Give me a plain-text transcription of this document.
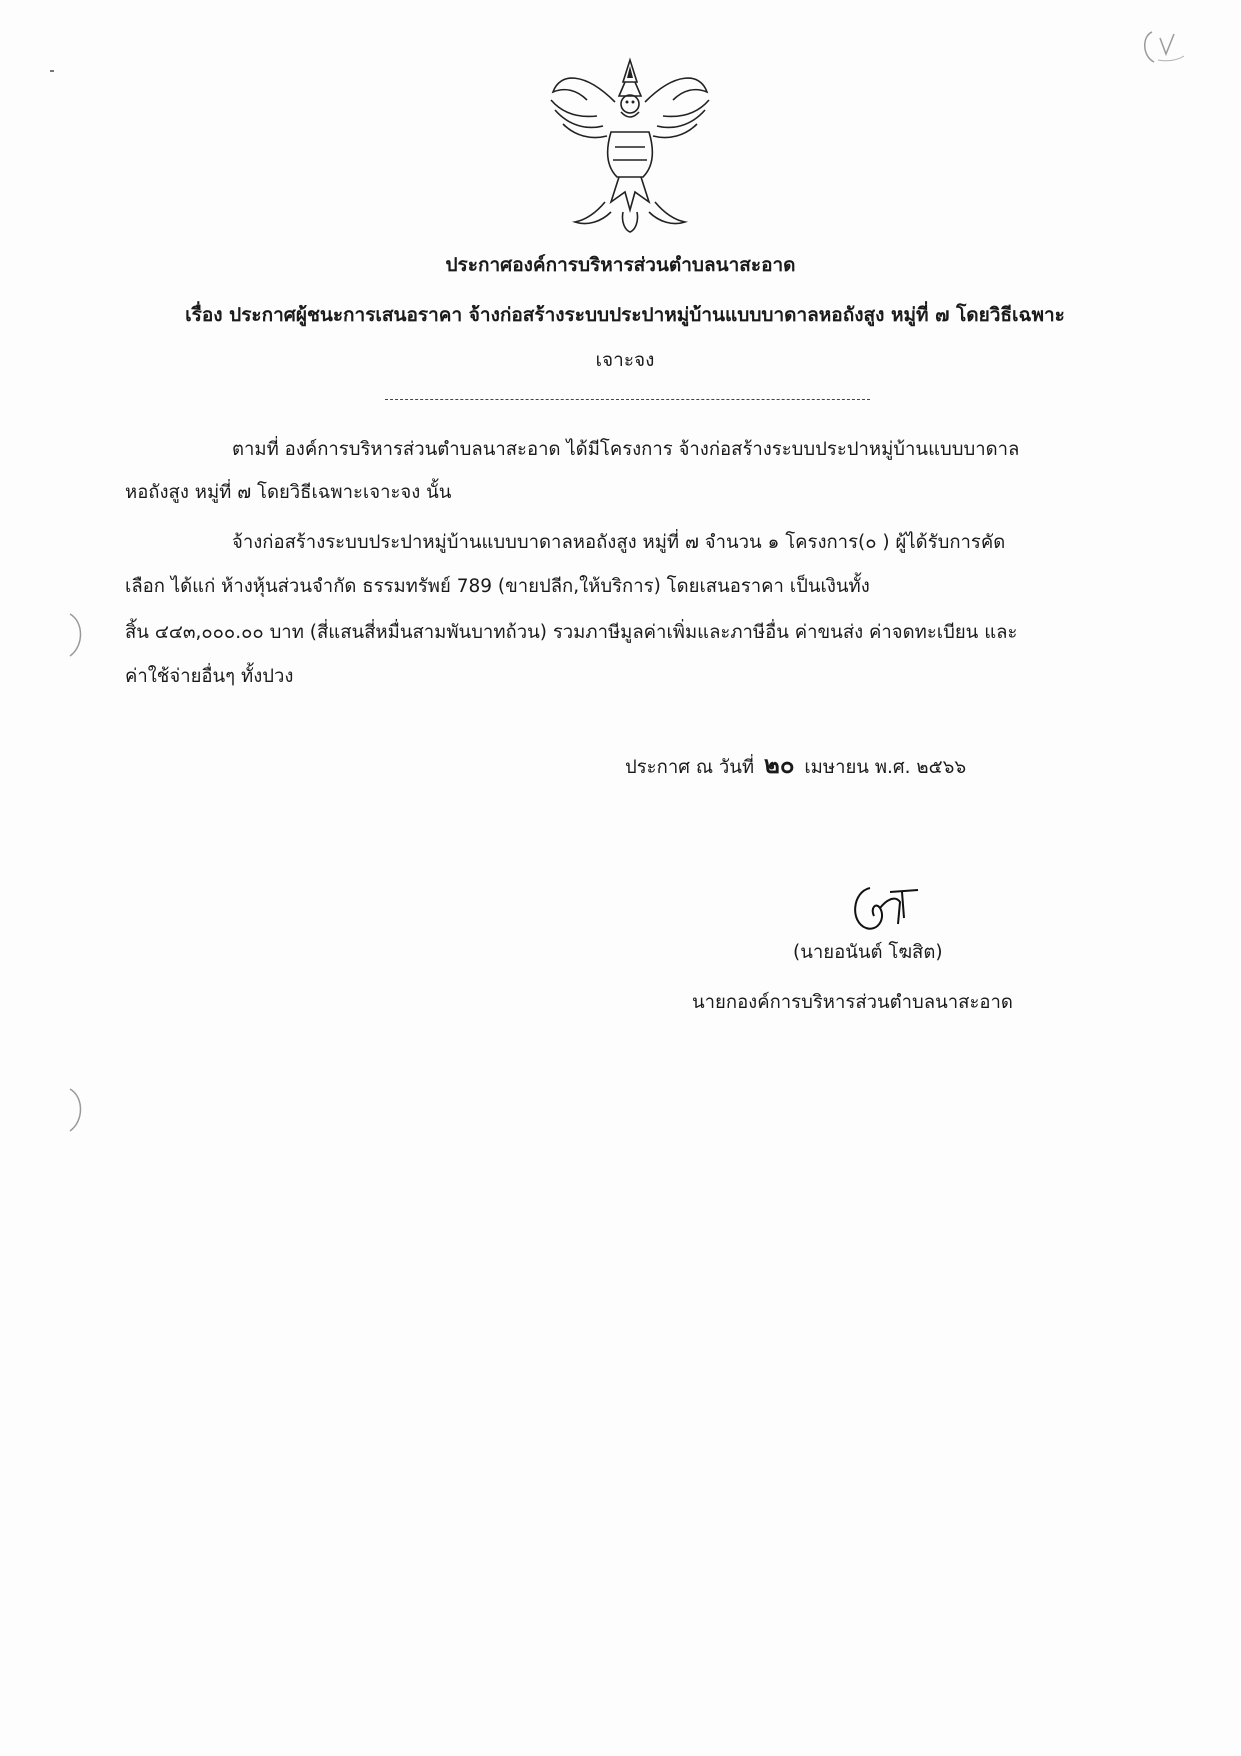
ประกาศองค์การบริหารส่วนตำบลนาสะอาด
เรื่อง ประกาศผู้ชนะการเสนอราคา จ้างก่อสร้างระบบประปาหมู่บ้านแบบบาดาลหอถังสูง หมู่ที่ ๗ โดยวิธีเฉพาะ
เจาะจง
ตามที่ องค์การบริหารส่วนตำบลนาสะอาด ได้มีโครงการ จ้างก่อสร้างระบบประปาหมู่บ้านแบบบาดาล
หอถังสูง หมู่ที่ ๗ โดยวิธีเฉพาะเจาะจง นั้น
จ้างก่อสร้างระบบประปาหมู่บ้านแบบบาดาลหอถังสูง หมู่ที่ ๗ จำนวน ๑ โครงการ(๐ ) ผู้ได้รับการคัด
เลือก ได้แก่ ห้างหุ้นส่วนจำกัด ธรรมทรัพย์ 789 (ขายปลีก,ให้บริการ) โดยเสนอราคา เป็นเงินทั้ง
สิ้น ๔๔๓,๐๐๐.๐๐ บาท (สี่แสนสี่หมื่นสามพันบาทถ้วน) รวมภาษีมูลค่าเพิ่มและภาษีอื่น ค่าขนส่ง ค่าจดทะเบียน และ
ค่าใช้จ่ายอื่นๆ ทั้งปวง
ประกาศ ณ วันที่ ๒๐ เมษายน พ.ศ. ๒๕๖๖
(นายอนันต์ โฆสิต)
นายกองค์การบริหารส่วนตำบลนาสะอาด
